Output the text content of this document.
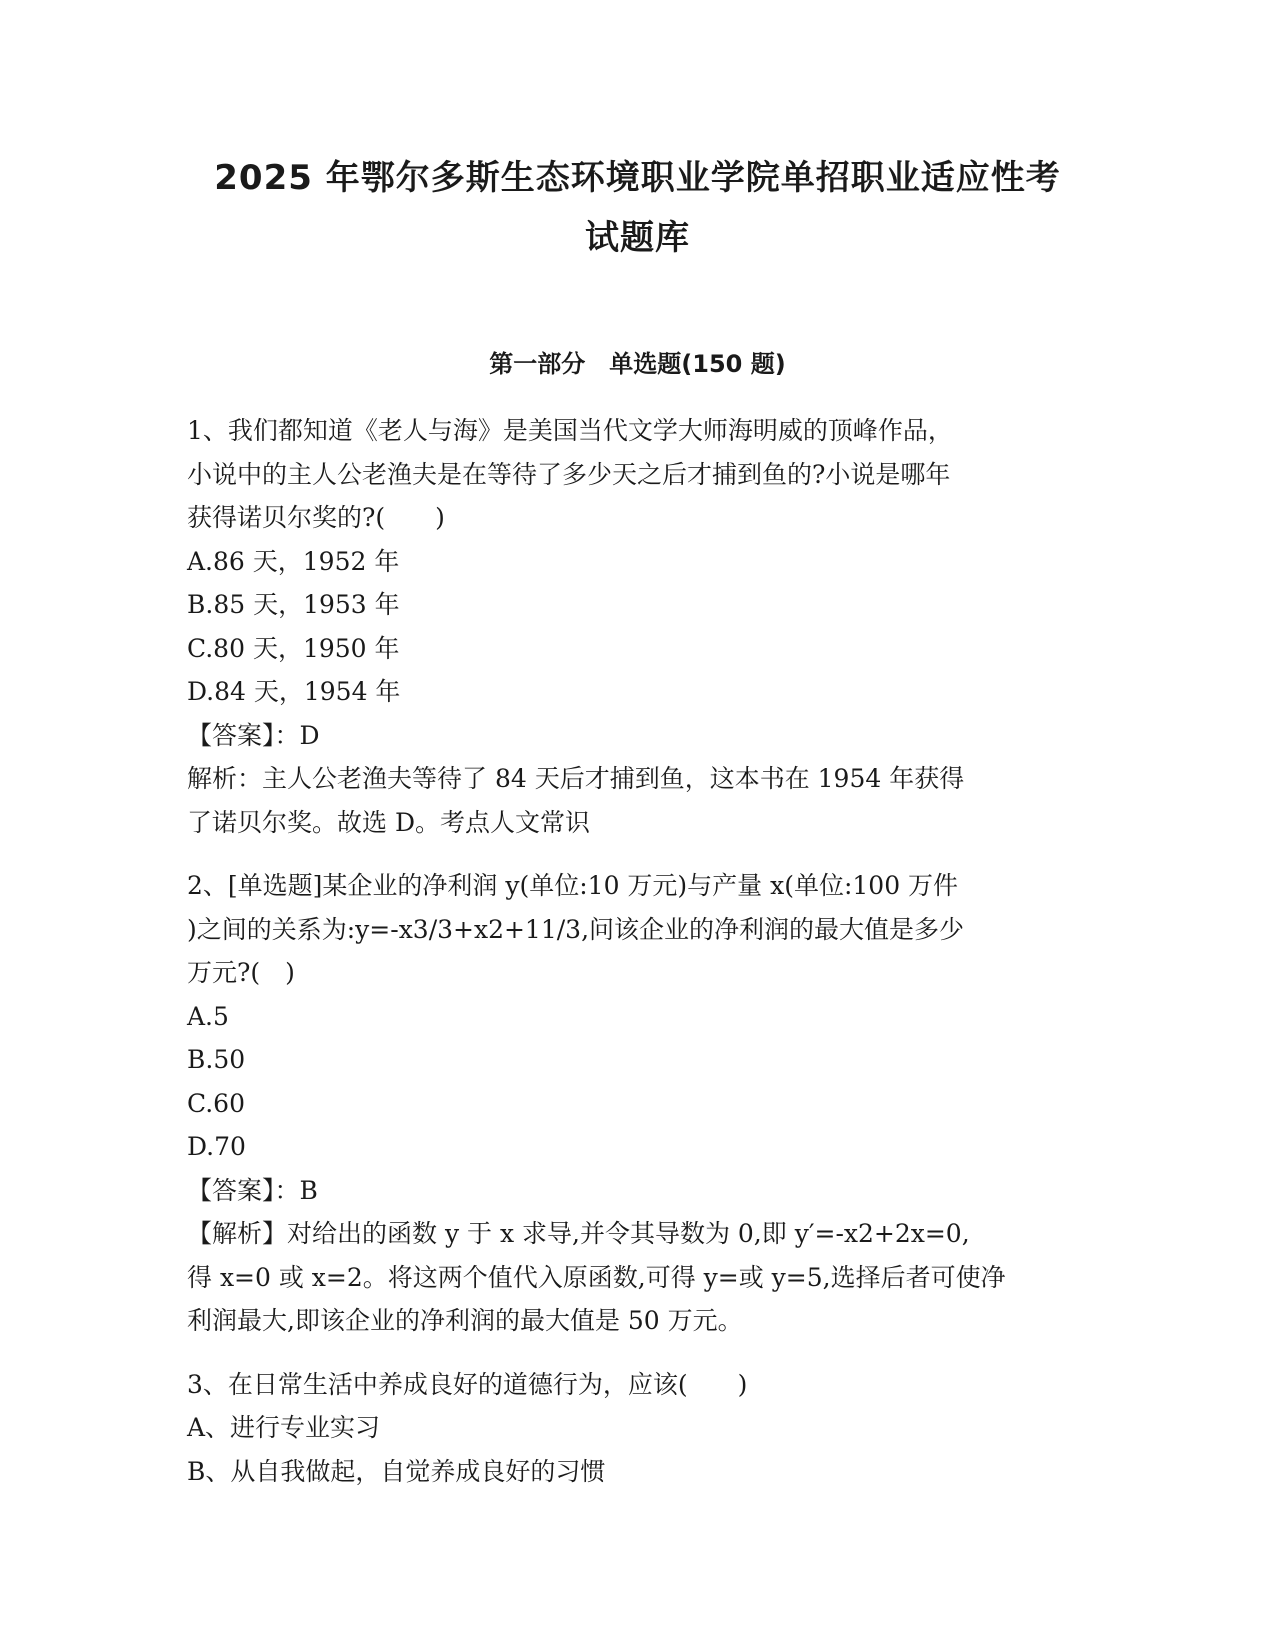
2025 年鄂尔多斯生态环境职业学院单招职业适应性考
试题库
第一部分　单选题(150 题)
1、我们都知道《老人与海》是美国当代文学大师海明威的顶峰作品，
小说中的主人公老渔夫是在等待了多少天之后才捕到鱼的?小说是哪年
获得诺贝尔奖的?(　　)
A.86 天，1952 年
B.85 天，1953 年
C.80 天，1950 年
D.84 天，1954 年
【答案】：D
解析：主人公老渔夫等待了 84 天后才捕到鱼，这本书在 1954 年获得
了诺贝尔奖。故选 D。考点人文常识
2、[单选题]某企业的净利润 y(单位:10 万元)与产量 x(单位:100 万件
)之间的关系为:y=-x3/3+x2+11/3,问该企业的净利润的最大值是多少
万元?(　)
A.5
B.50
C.60
D.70
【答案】：B
【解析】对给出的函数 y 于 x 求导,并令其导数为 0,即 y′=-x2+2x=0,
得 x=0 或 x=2。将这两个值代入原函数,可得 y=或 y=5,选择后者可使净
利润最大,即该企业的净利润的最大值是 50 万元。
3、在日常生活中养成良好的道德行为，应该(　　)
A、进行专业实习
B、从自我做起，自觉养成良好的习惯
